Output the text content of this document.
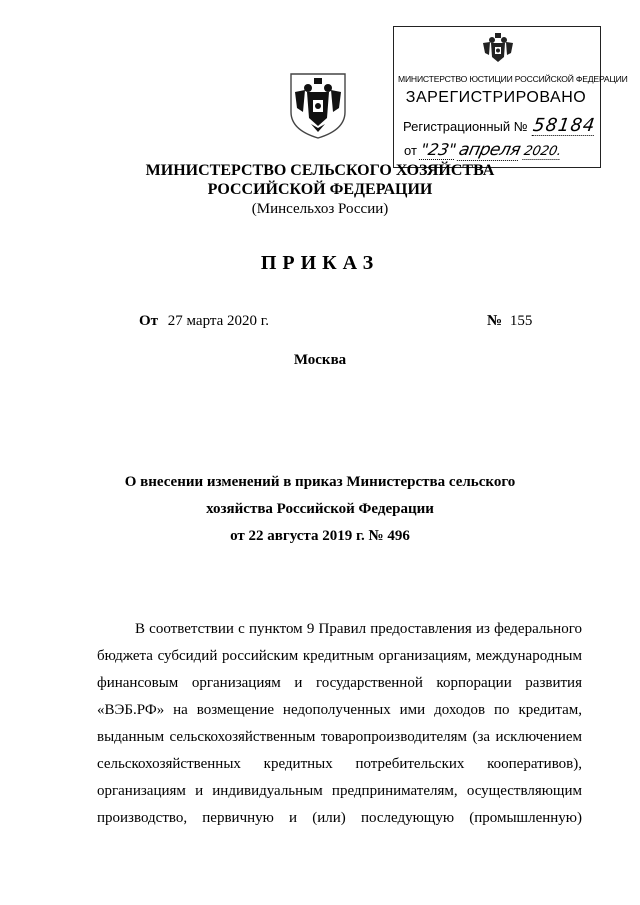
МИНИСТЕРСТВО ЮСТИЦИИ РОССИЙСКОЙ ФЕДЕРАЦИИ
ЗАРЕГИСТРИРОВАНО
Регистрационный № 58184
от "23" апреля 2020.
МИНИСТЕРСТВО СЕЛЬСКОГО ХОЗЯЙСТВА
РОССИЙСКОЙ ФЕДЕРАЦИИ
(Минсельхоз России)
ПРИКАЗ
От 27 марта 2020 г.	№ 155
Москва
О внесении изменений в приказ Министерства сельского
хозяйства Российской Федерации
от 22 августа 2019 г. № 496
В соответствии с пунктом 9 Правил предоставления из федерального
бюджета субсидий российским кредитным организациям, международным
финансовым организациям и государственной корпорации развития
«ВЭБ.РФ» на возмещение недополученных ими доходов по кредитам,
выданным сельскохозяйственным товаропроизводителям (за исключением
сельскохозяйственных кредитных потребительских кооперативов),
организациям и индивидуальным предпринимателям, осуществляющим
производство, первичную и (или) последующую (промышленную)
